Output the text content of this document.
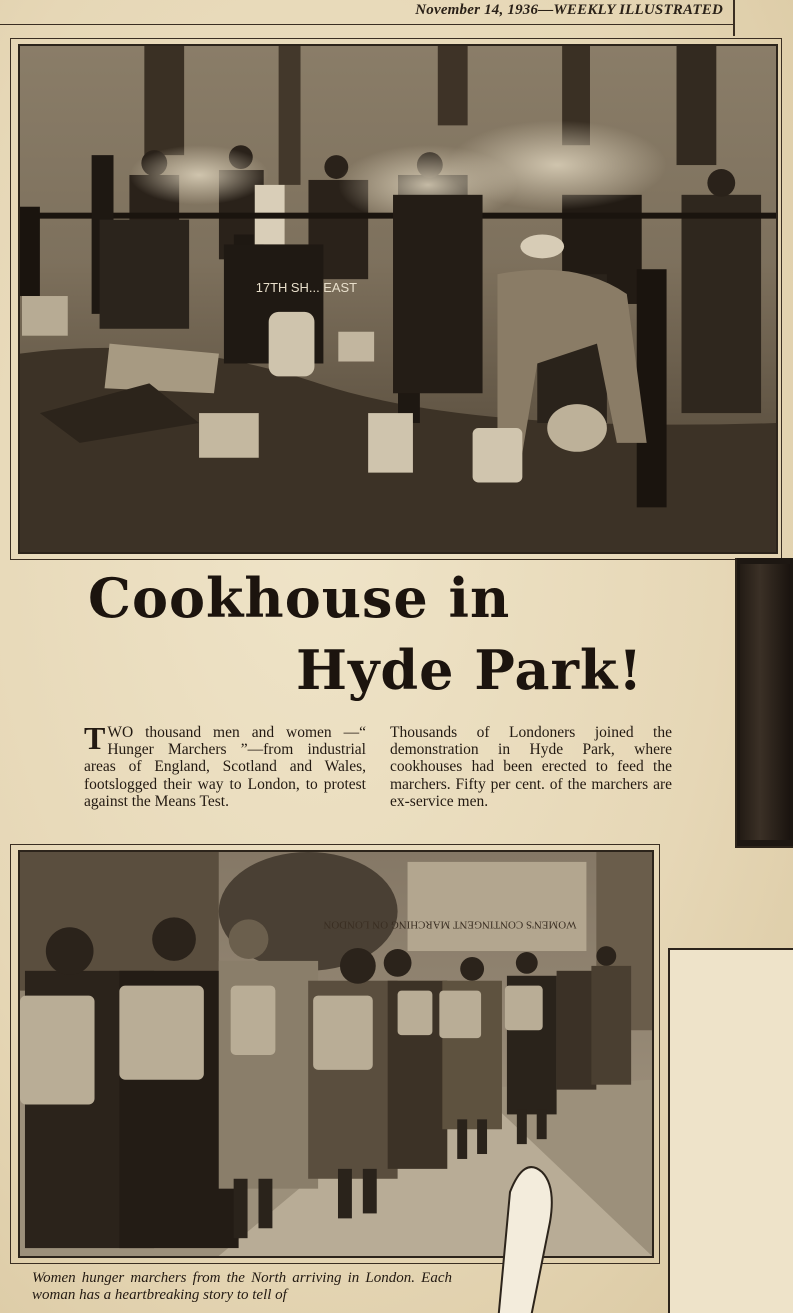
November 14, 1936—WEEKLY ILLUSTRATED
17TH SH... EAST
Cookhouse in
Hyde Park!
TWO thousand men and women —“ Hunger Marchers ”—from industrial areas of England, Scotland and Wales, footslogged their way to London, to protest against the Means Test.
Thousands of Londoners joined the demonstration in Hyde Park, where cookhouses had been erected to feed the marchers. Fifty per cent. of the marchers are ex-service men.
WOMEN'S CONTINGENT MARCHING ON LONDON
Women hunger marchers from the North arriving in London. Each woman has a heartbreaking story to tell of
